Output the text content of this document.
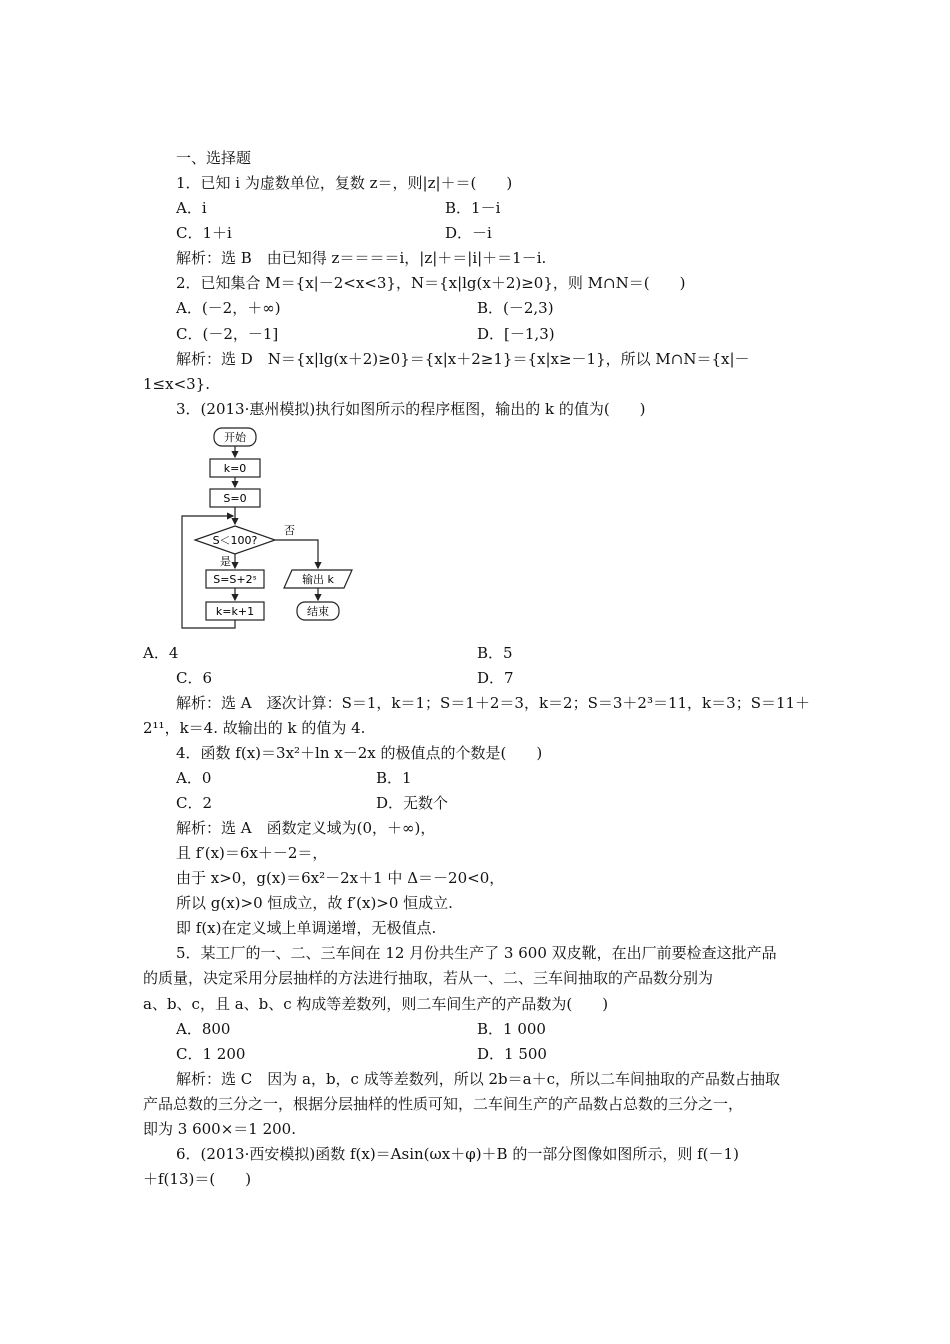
一、选择题
1．已知 i 为虚数单位，复数 z＝，则|z|＋＝(　　)
A．i	B．1－i
C．1＋i	D．－i
解析：选 B　由已知得 z＝＝＝＝i，|z|＋＝|i|＋＝1－i.
2．已知集合 M＝{x|－2<x<3}，N＝{x|lg(x＋2)≥0}，则 M∩N＝(　　)
A．(－2，＋∞)	B．(－2,3)
C．(－2，－1]	D．[－1,3)
解析：选 D　N＝{x|lg(x＋2)≥0}＝{x|x＋2≥1}＝{x|x≥－1}，所以 M∩N＝{x|－
1≤x<3}.
3．(2013·惠州模拟)执行如图所示的程序框图，输出的 k 的值为(　　)
开始
k=0
S=0
S＜100?
否
是
S=S+2ˢ
k=k+1
输出 k
结束
A．4	B．5
C．6	D．7
解析：选 A　逐次计算：S＝1，k＝1；S＝1＋2＝3，k＝2；S＝3＋2³＝11，k＝3；S＝11＋
2¹¹，k＝4. 故输出的 k 的值为 4.
4．函数 f(x)＝3x²＋ln x－2x 的极值点的个数是(　　)
A．0	B．1
C．2	D．无数个
解析：选 A　函数定义域为(0，＋∞)，
且 f′(x)＝6x＋－2＝，
由于 x>0，g(x)＝6x²－2x＋1 中 Δ＝－20<0，
所以 g(x)>0 恒成立，故 f′(x)>0 恒成立.
即 f(x)在定义域上单调递增，无极值点.
5．某工厂的一、二、三车间在 12 月份共生产了 3 600 双皮靴，在出厂前要检查这批产品
的质量，决定采用分层抽样的方法进行抽取，若从一、二、三车间抽取的产品数分别为
a、b、c，且 a、b、c 构成等差数列，则二车间生产的产品数为(　　)
A．800	B．1 000
C．1 200	D．1 500
解析：选 C　因为 a，b，c 成等差数列，所以 2b＝a＋c，所以二车间抽取的产品数占抽取
产品总数的三分之一，根据分层抽样的性质可知，二车间生产的产品数占总数的三分之一，
即为 3 600×＝1 200.
6．(2013·西安模拟)函数 f(x)＝Asin(ωx＋φ)＋B 的一部分图像如图所示，则 f(－1)
＋f(13)＝(　　)
